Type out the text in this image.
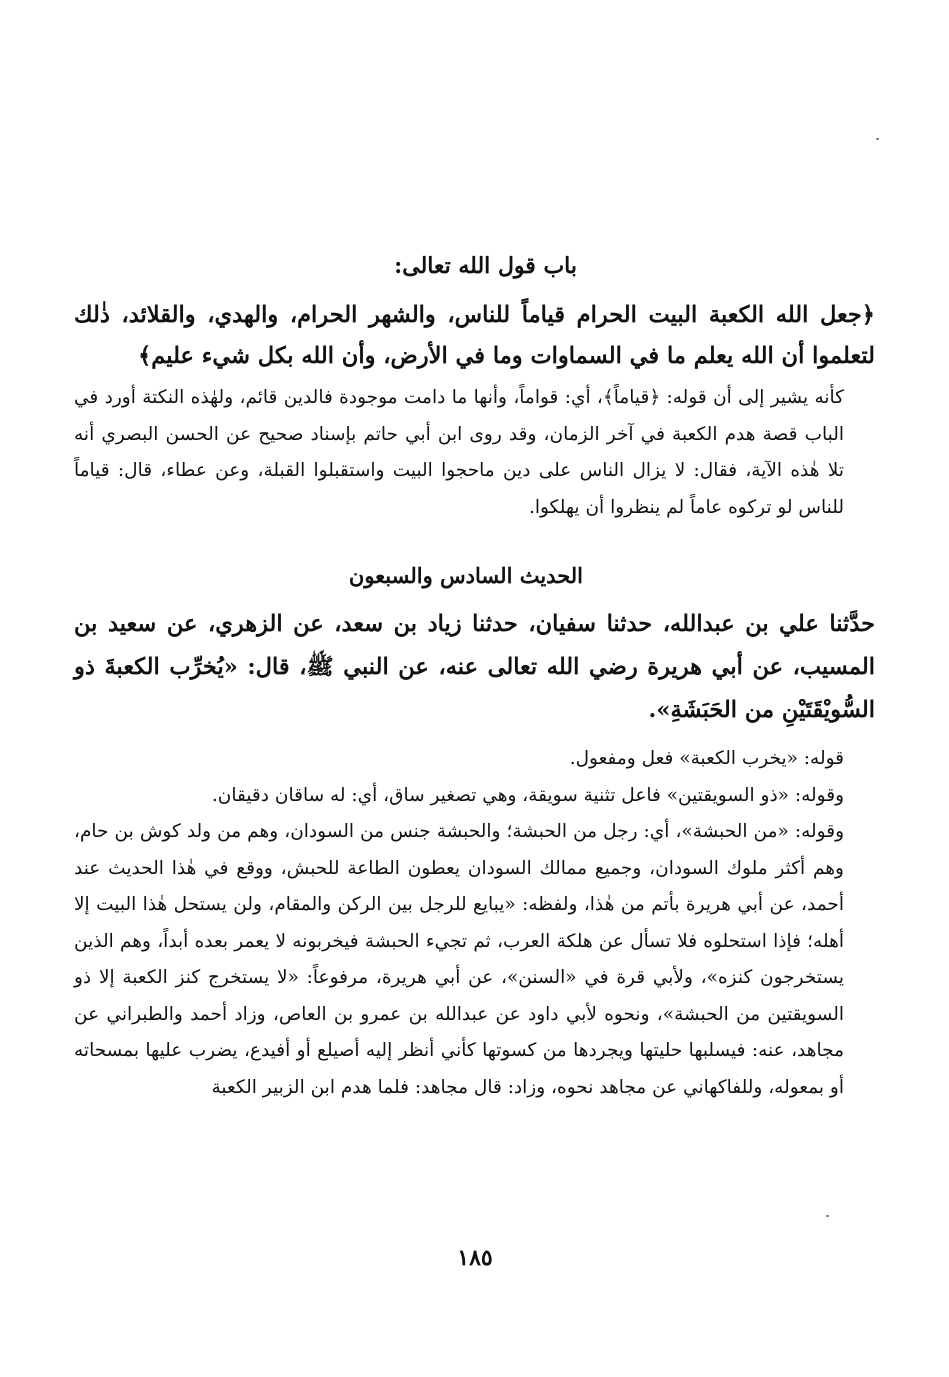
باب قول الله تعالى:
﴿جعل الله الكعبة البيت الحرام قياماً للناس، والشهر الحرام، والهدي، والقلائد، ذٰلك لتعلموا أن الله يعلم ما في السماوات وما في الأرض، وأن الله بكل شيء عليم﴾
كأنه يشير إلى أن قوله: ﴿قياماً﴾، أي: قواماً، وأنها ما دامت موجودة فالدين قائم، ولهٰذه النكتة أورد في الباب قصة هدم الكعبة في آخر الزمان، وقد روى ابن أبي حاتم بإسناد صحيح عن الحسن البصري أنه تلا هٰذه الآية، فقال: لا يزال الناس على دين ماحجوا البيت واستقبلوا القبلة، وعن عطاء، قال: قياماً للناس لو تركوه عاماً لم ينظروا أن يهلكوا.
الحديث السادس والسبعون
حدَّثنا علي بن عبدالله، حدثنا سفيان، حدثنا زياد بن سعد، عن الزهري، عن سعيد بن المسيب، عن أبي هريرة رضي الله تعالى عنه، عن النبي ﷺ، قال: «يُخرِّب الكعبةَ ذو السُّويْقَتَيْنِ من الحَبَشَةِ».
قوله: «يخرب الكعبة» فعل ومفعول.
وقوله: «ذو السويقتين» فاعل تثنية سويقة، وهي تصغير ساق، أي: له ساقان دقيقان.
وقوله: «من الحبشة»، أي: رجل من الحبشة؛ والحبشة جنس من السودان، وهم من ولد كوش بن حام، وهم أكثر ملوك السودان، وجميع ممالك السودان يعطون الطاعة للحبش، ووقع في هٰذا الحديث عند أحمد، عن أبي هريرة بأتم من هٰذا، ولفظه: «يبايع للرجل بين الركن والمقام، ولن يستحل هٰذا البيت إلا أهله؛ فإذا استحلوه فلا تسأل عن هلكة العرب، ثم تجيء الحبشة فيخربونه لا يعمر بعده أبداً، وهم الذين يستخرجون كنزه»، ولأبي قرة في «السنن»، عن أبي هريرة، مرفوعاً: «لا يستخرج كنز الكعبة إلا ذو السويقتين من الحبشة»، ونحوه لأبي داود عن عبدالله بن عمرو بن العاص، وزاد أحمد والطبراني عن مجاهد، عنه: فيسلبها حليتها ويجردها من كسوتها كأني أنظر إليه أصيلع أو أفيدع، يضرب عليها بمسحاته أو بمعوله، وللفاكهاني عن مجاهد نحوه، وزاد: قال مجاهد: فلما هدم ابن الزبير الكعبة
١٨٥
